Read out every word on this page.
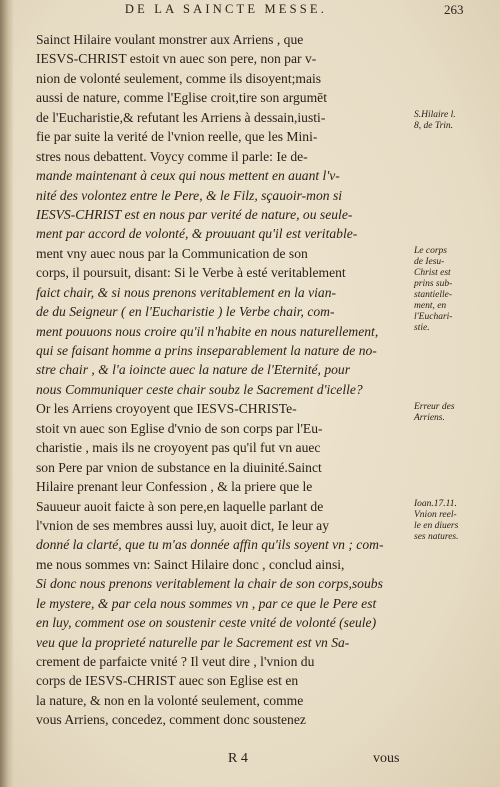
DE LA SAINCTE MESSE.	263
Sainct Hilaire voulant monstrer aux Arriens , que
IESVS-CHRIST estoit vn auec son pere, non par v-
nion de volonté seulement, comme ils disoyent;mais
aussi de nature, comme l'Eglise croit,tire son argumēt
de l'Eucharistie,& refutant les Arriens à dessain,iusti-
fie par suite la verité de l'vnion reelle, que les Mini-
stres nous debattent. Voycy comme il parle: Ie de-
mande maintenant à ceux qui nous mettent en auant l'v-
nité des volontez entre le Pere, & le Filz, sçauoir-mon si
IESVS-CHRIST est en nous par verité de nature, ou seule-
ment par accord de volonté, & prouuant qu'il est veritable-
ment vny auec nous par la Communication de son
corps, il poursuit, disant: Si le Verbe à esté veritablement
faict chair, & si nous prenons veritablement en la vian-
de du Seigneur ( en l'Eucharistie ) le Verbe chair, com-
ment pouuons nous croire qu'il n'habite en nous naturellement,
qui se faisant homme a prins inseparablement la nature de no-
stre chair , & l'a ioincte auec la nature de l'Eternité, pour
nous Communiquer ceste chair soubz le Sacrement d'icelle?
Or les Arriens croyoyent que IESVS-CHRISTe-
stoit vn auec son Eglise d'vnio de son corps par l'Eu-
charistie , mais ils ne croyoyent pas qu'il fut vn auec
son Pere par vnion de substance en la diuinité.Sainct
Hilaire prenant leur Confession , & la priere que le
Sauueur auoit faicte à son pere,en laquelle parlant de
l'vnion de ses membres aussi luy, auoit dict, Ie leur ay
donné la clarté, que tu m'as donnée affin qu'ils soyent vn ; com-
me nous sommes vn: Sainct Hilaire donc , conclud ainsi,
Si donc nous prenons veritablement la chair de son corps,soubs
le mystere, & par cela nous sommes vn , par ce que le Pere est
en luy, comment ose on soustenir ceste vnité de volonté (seule)
veu que la proprieté naturelle par le Sacrement est vn Sa-
crement de parfaicte vnité ? Il veut dire , l'vnion du
corps de IESVS-CHRIST auec son Eglise est en
la nature, & non en la volonté seulement, comme
vous Arriens, concedez, comment donc soustenez
S.Hilaire l.
8, de Trin.
Le corps
de Iesu-
Christ est
prins sub-
stantielle-
ment, en
l'Euchari-
stie.
Erreur des
Arriens.
Ioan.17.11.
Vnion reel-
le en diuers
ses natures.
R 4	vous
